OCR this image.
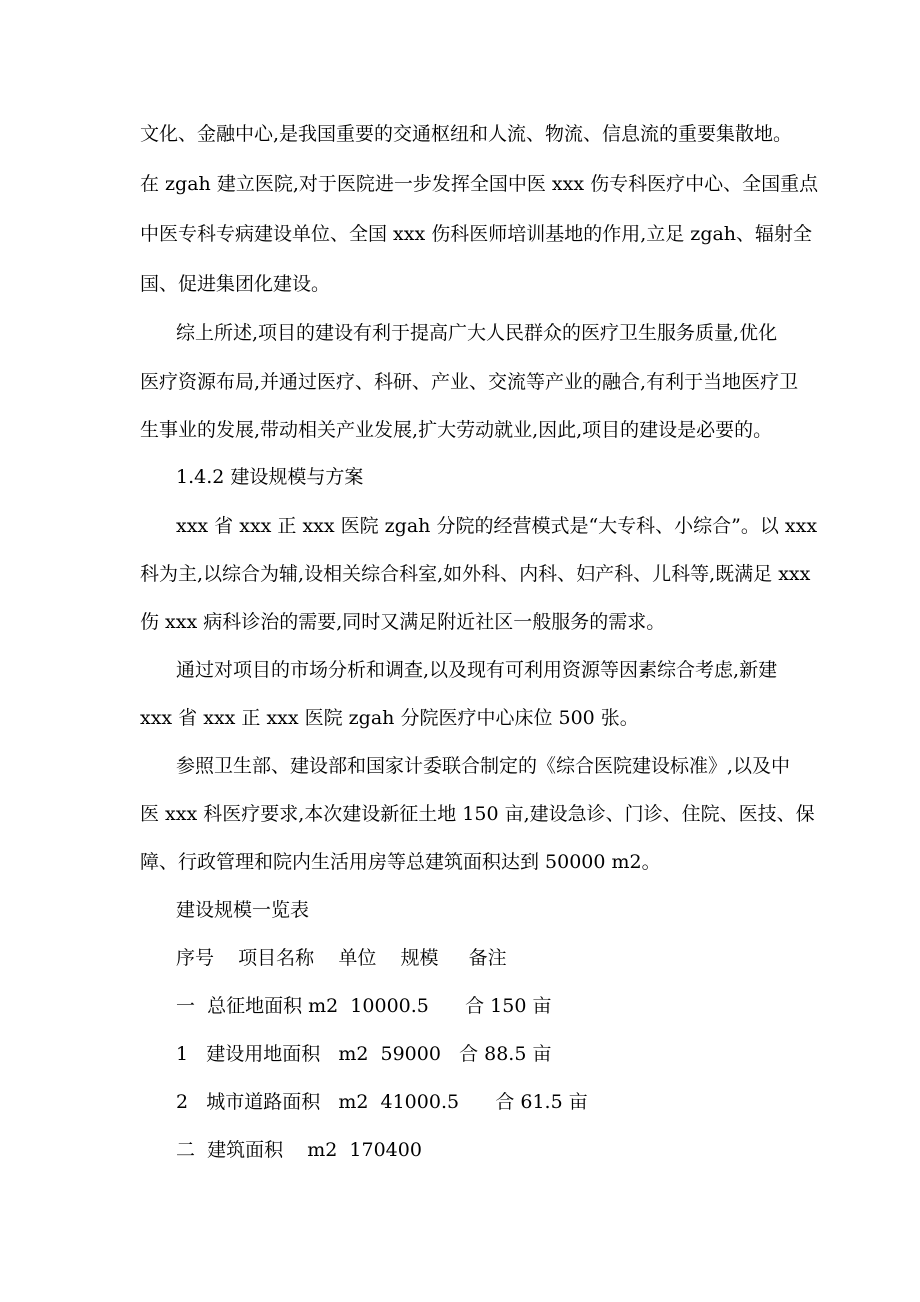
文化、金融中心,是我国重要的交通枢纽和人流、物流、信息流的重要集散地。
在 zgah 建立医院,对于医院进一步发挥全国中医 xxx 伤专科医疗中心、全国重点
中医专科专病建设单位、全国 xxx 伤科医师培训基地的作用,立足 zgah、辐射全
国、促进集团化建设。
综上所述,项目的建设有利于提高广大人民群众的医疗卫生服务质量,优化
医疗资源布局,并通过医疗、科研、产业、交流等产业的融合,有利于当地医疗卫
生事业的发展,带动相关产业发展,扩大劳动就业,因此,项目的建设是必要的。
1.4.2 建设规模与方案
xxx 省 xxx 正 xxx 医院 zgah 分院的经营模式是“大专科、小综合”。以 xxx
科为主,以综合为辅,设相关综合科室,如外科、内科、妇产科、儿科等,既满足 xxx
伤 xxx 病科诊治的需要,同时又满足附近社区一般服务的需求。
通过对项目的市场分析和调查,以及现有可利用资源等因素综合考虑,新建
xxx 省 xxx 正 xxx 医院 zgah 分院医疗中心床位 500 张。
参照卫生部、建设部和国家计委联合制定的《综合医院建设标准》,以及中
医 xxx 科医疗要求,本次建设新征土地 150 亩,建设急诊、门诊、住院、医技、保
障、行政管理和院内生活用房等总建筑面积达到 50000 m2。
建设规模一览表
序号    项目名称    单位    规模     备注
一  总征地面积 m2  10000.5      合 150 亩
1   建设用地面积   m2  59000   合 88.5 亩
2   城市道路面积   m2  41000.5      合 61.5 亩
二  建筑面积    m2  170400
